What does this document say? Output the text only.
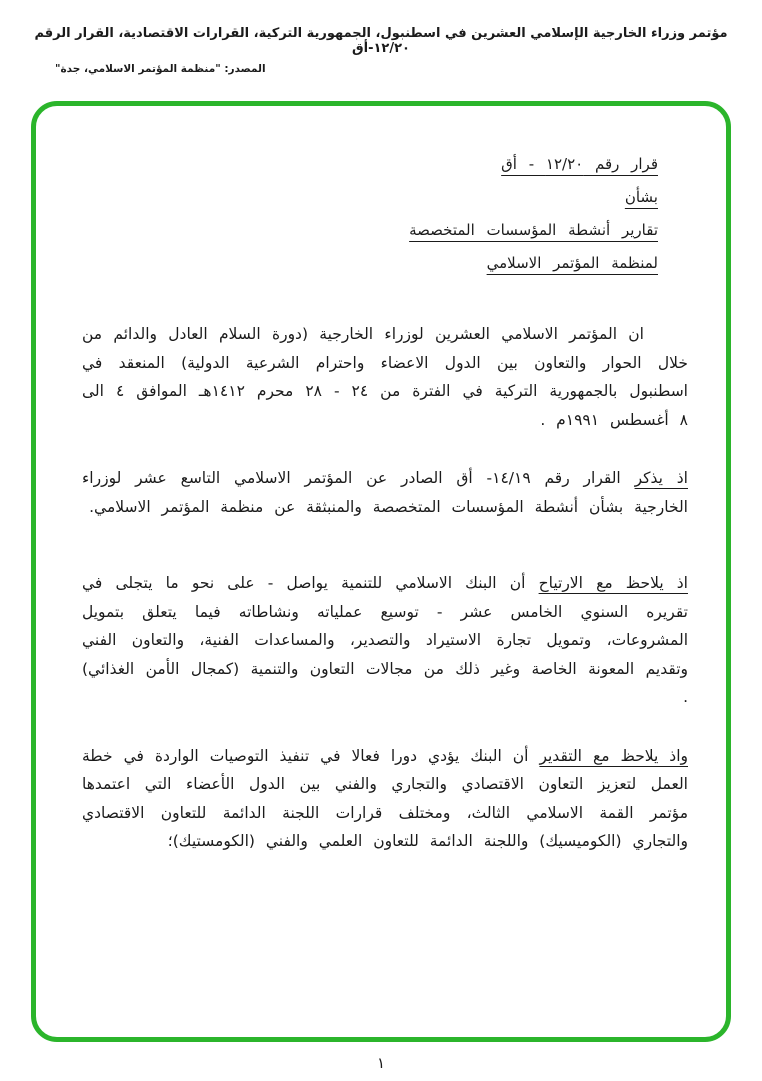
مؤتمر وزراء الخارجية الإسلامي العشرين في اسطنبول، الجمهورية التركية، القرارات الاقتصادية، القرار الرقم ١٢/٢٠-أق
المصدر: "منظمة المؤتمر الاسلامي، جدة"
قرار رقم ١٢/٢٠ - أق
بشأن
تقارير أنشطة المؤسسات المتخصصة
لمنظمة المؤتمر الاسلامي

ان المؤتمر الاسلامي العشرين لوزراء الخارجية (دورة السلام العادل والدائم من خلال الحوار والتعاون بين الدول الاعضاء واحترام الشرعية الدولية) المنعقد في اسطنبول بالجمهورية التركية في الفترة من ٢٤ - ٢٨ محرم ١٤١٢هـ الموافق ٤ الى ٨ أغسطس ١٩٩١م .

اذ يذكر القرار رقم ١٤/١٩- أق الصادر عن المؤتمر الاسلامي التاسع عشر لوزراء الخارجية بشأن أنشطة المؤسسات المتخصصة والمنبثقة عن منظمة المؤتمر الاسلامي.

اذ يلاحظ مع الارتياح أن البنك الاسلامي للتنمية يواصل - على نحو ما يتجلى في تقريره السنوي الخامس عشر - توسيع عملياته ونشاطاته فيما يتعلق بتمويل المشروعات، وتمويل تجارة الاستيراد والتصدير، والمساعدات الفنية، والتعاون الفني وتقديم المعونة الخاصة وغير ذلك من مجالات التعاون والتنمية (كمجال الأمن الغذائي) .

واذ يلاحظ مع التقدير أن البنك يؤدي دورا فعالا في تنفيذ التوصيات الواردة في خطة العمل لتعزيز التعاون الاقتصادي والتجاري والفني بين الدول الأعضاء التي اعتمدها مؤتمر القمة الاسلامي الثالث، ومختلف قرارات اللجنة الدائمة للتعاون الاقتصادي والتجاري (الكوميسيك) واللجنة الدائمة للتعاون العلمي والفني (الكومستيك)؛

١
